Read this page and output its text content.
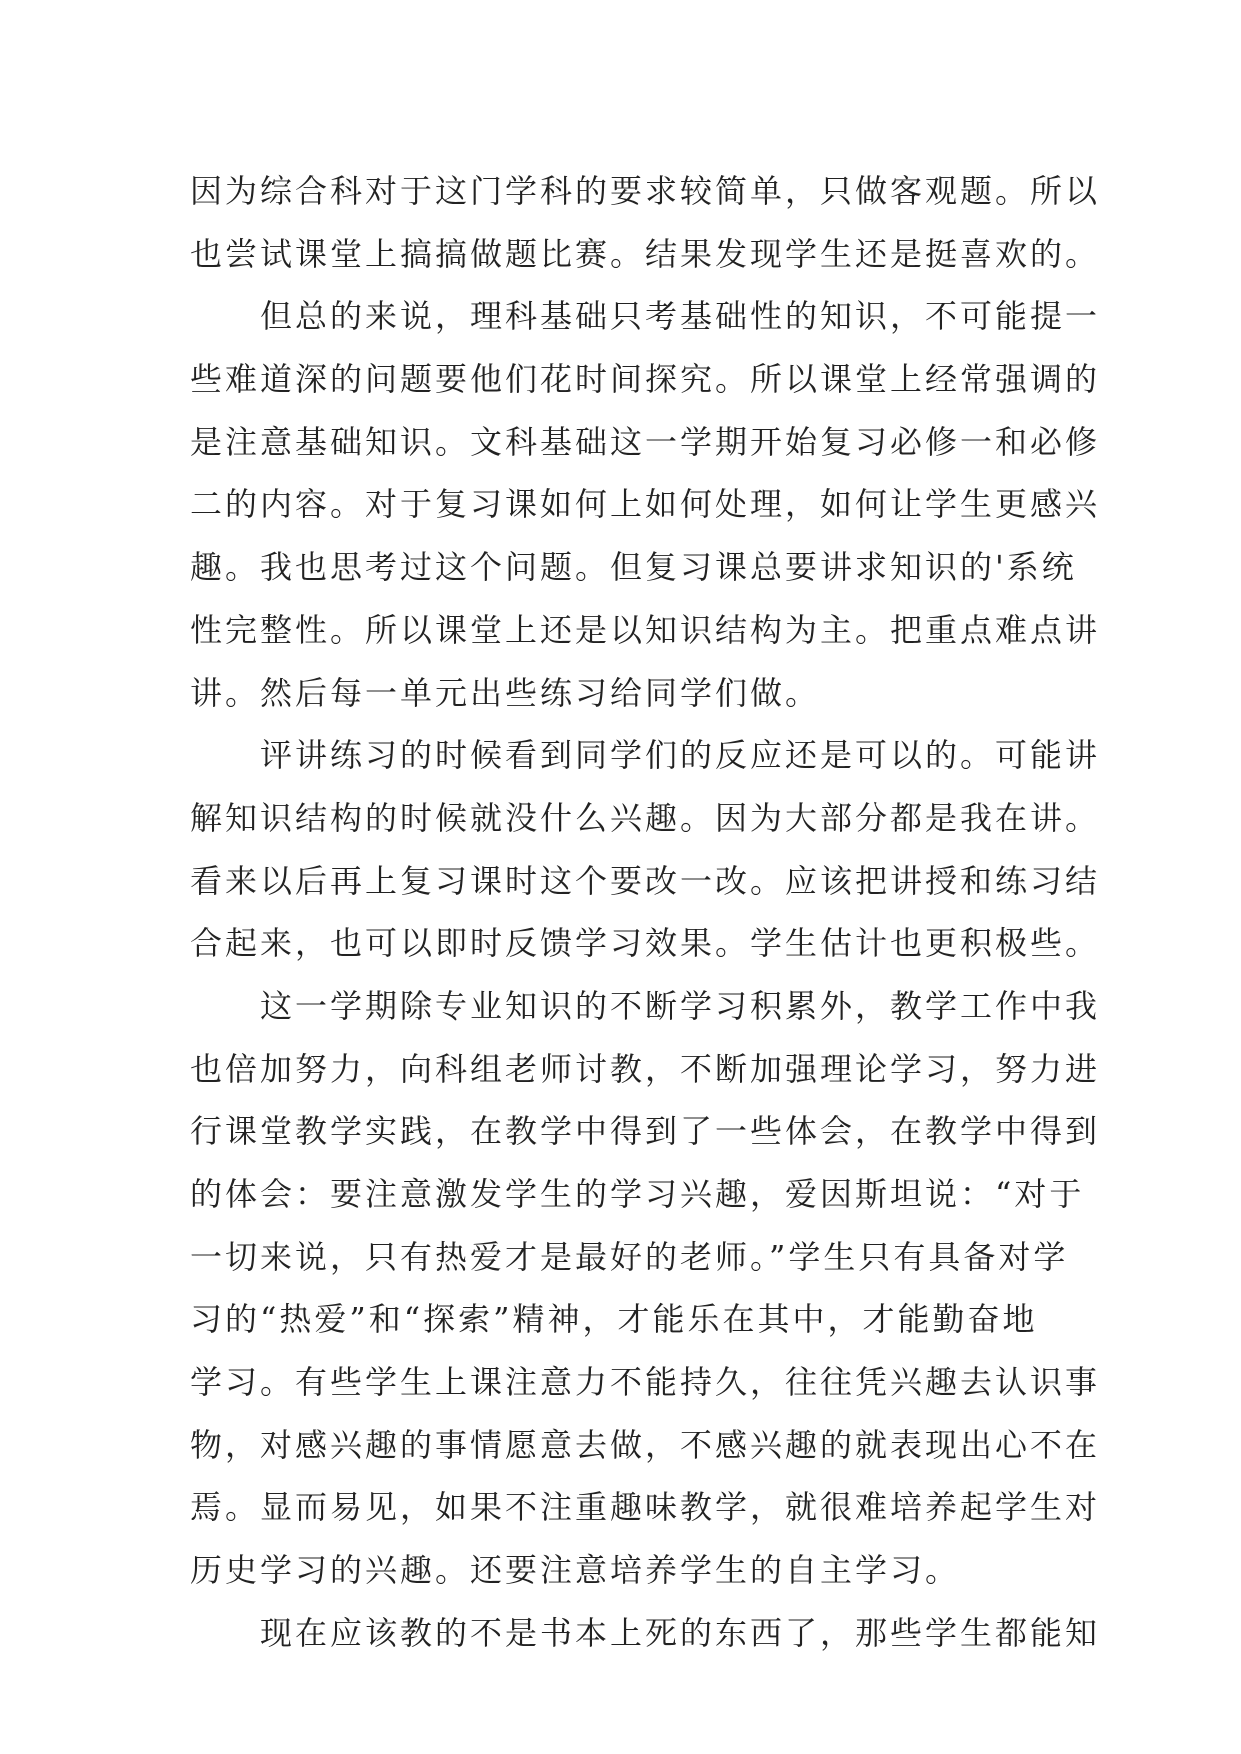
因为综合科对于这门学科的要求较简单，只做客观题。所以
也尝试课堂上搞搞做题比赛。结果发现学生还是挺喜欢的。
　　但总的来说，理科基础只考基础性的知识，不可能提一
些难道深的问题要他们花时间探究。所以课堂上经常强调的
是注意基础知识。文科基础这一学期开始复习必修一和必修
二的内容。对于复习课如何上如何处理，如何让学生更感兴
趣。我也思考过这个问题。但复习课总要讲求知识的'系统
性完整性。所以课堂上还是以知识结构为主。把重点难点讲
讲。然后每一单元出些练习给同学们做。
　　评讲练习的时候看到同学们的反应还是可以的。可能讲
解知识结构的时候就没什么兴趣。因为大部分都是我在讲。
看来以后再上复习课时这个要改一改。应该把讲授和练习结
合起来，也可以即时反馈学习效果。学生估计也更积极些。
　　这一学期除专业知识的不断学习积累外，教学工作中我
也倍加努力，向科组老师讨教，不断加强理论学习，努力进
行课堂教学实践，在教学中得到了一些体会，在教学中得到
的体会：要注意激发学生的学习兴趣，爱因斯坦说：“对于
一切来说，只有热爱才是最好的老师。”学生只有具备对学
习的“热爱”和“探索”精神，才能乐在其中，才能勤奋地
学习。有些学生上课注意力不能持久，往往凭兴趣去认识事
物，对感兴趣的事情愿意去做，不感兴趣的就表现出心不在
焉。显而易见，如果不注重趣味教学，就很难培养起学生对
历史学习的兴趣。还要注意培养学生的自主学习。
　　现在应该教的不是书本上死的东西了，那些学生都能知
